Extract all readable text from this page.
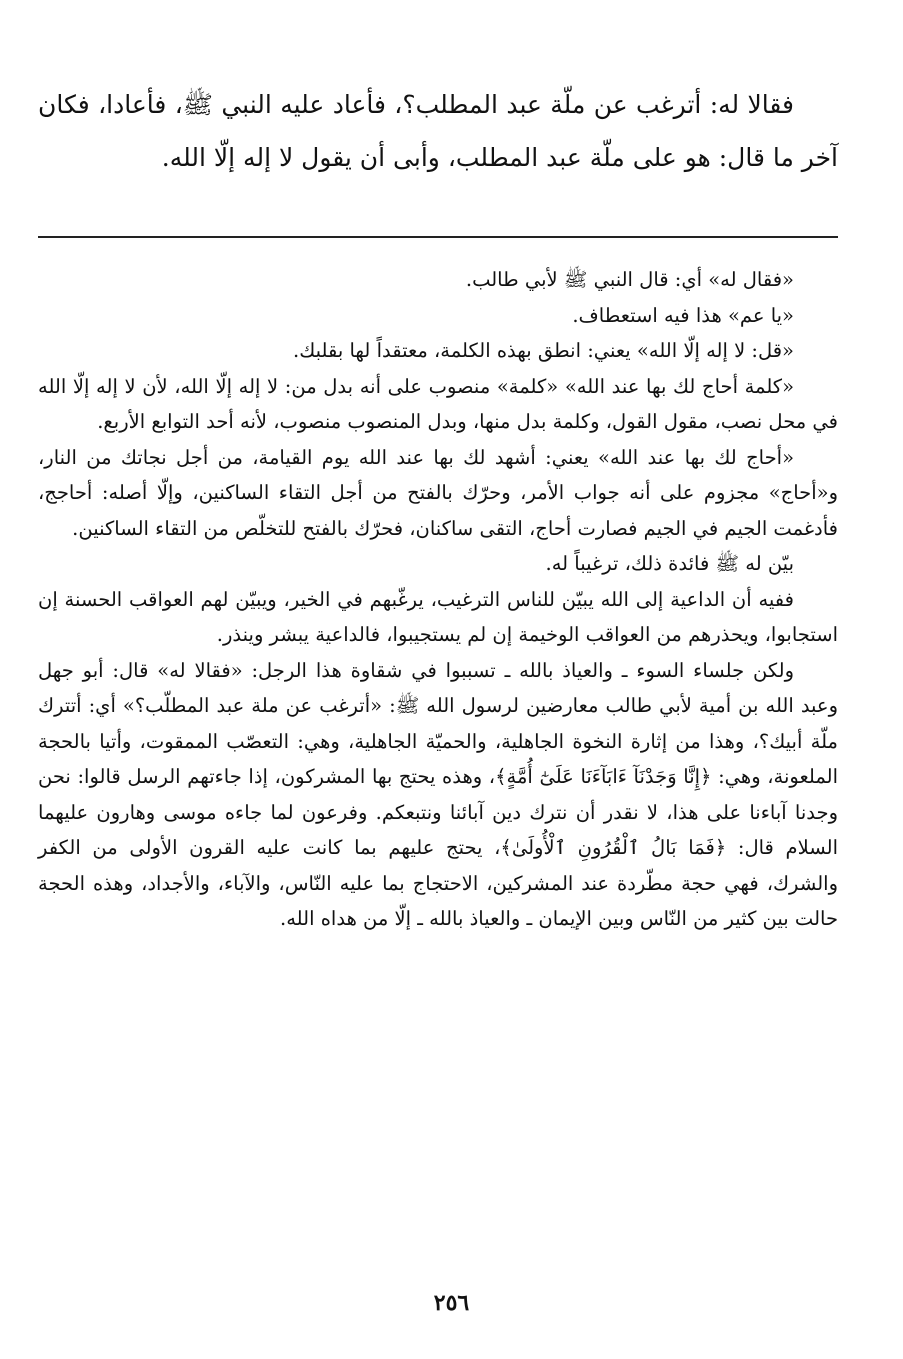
فقالا له: أترغب عن ملّة عبد المطلب؟، فأعاد عليه النبي ﷺ، فأعادا، فكان آخر ما قال: هو على ملّة عبد المطلب، وأبى أن يقول لا إله إلّا الله.

«فقال له» أي: قال النبي ﷺ لأبي طالب.

«يا عم» هذا فيه استعطاف.

«قل: لا إله إلّا الله» يعني: انطق بهذه الكلمة، معتقداً لها بقلبك.

«كلمة أحاج لك بها عند الله» «كلمة» منصوب على أنه بدل من: لا إله إلّا الله، لأن لا إله إلّا الله في محل نصب، مقول القول، وكلمة بدل منها، وبدل المنصوب منصوب، لأنه أحد التوابع الأربع.

«أحاج لك بها عند الله» يعني: أشهد لك بها عند الله يوم القيامة، من أجل نجاتك من النار، و«أحاج» مجزوم على أنه جواب الأمر، وحرّك بالفتح من أجل التقاء الساكنين، وإلّا أصله: أحاجج، فأدغمت الجيم في الجيم فصارت أحاج، التقى ساكنان، فحرّك بالفتح للتخلّص من التقاء الساكنين.

بيّن له ﷺ فائدة ذلك، ترغيباً له.

ففيه أن الداعية إلى الله يبيّن للناس الترغيب، يرغّبهم في الخير، ويبيّن لهم العواقب الحسنة إن استجابوا، ويحذرهم من العواقب الوخيمة إن لم يستجيبوا، فالداعية يبشر وينذر.

ولكن جلساء السوء ـ والعياذ بالله ـ تسببوا في شقاوة هذا الرجل: «فقالا له» قال: أبو جهل وعبد الله بن أمية لأبي طالب معارضين لرسول الله ﷺ: «أترغب عن ملة عبد المطلّب؟» أي: أتترك ملّة أبيك؟، وهذا من إثارة النخوة الجاهلية، والحميّة الجاهلية، وهي: التعصّب الممقوت، وأتيا بالحجة الملعونة، وهي: ﴿إِنَّا وَجَدْنَآ ءَابَآءَنَا عَلَىٰٓ أُمَّةٍ﴾، وهذه يحتج بها المشركون، إذا جاءتهم الرسل قالوا: نحن وجدنا آباءنا على هذا، لا نقدر أن نترك دين آبائنا ونتبعكم. وفرعون لما جاءه موسى وهارون عليهما السلام قال: ﴿فَمَا بَالُ ٱلْقُرُونِ ٱلْأُولَىٰ﴾، يحتج عليهم بما كانت عليه القرون الأولى من الكفر والشرك، فهي حجة مطّردة عند المشركين، الاحتجاج بما عليه النّاس، والآباء، والأجداد، وهذه الحجة حالت بين كثير من النّاس وبين الإيمان ـ والعياذ بالله ـ إلّا من هداه الله.

٢٥٦
